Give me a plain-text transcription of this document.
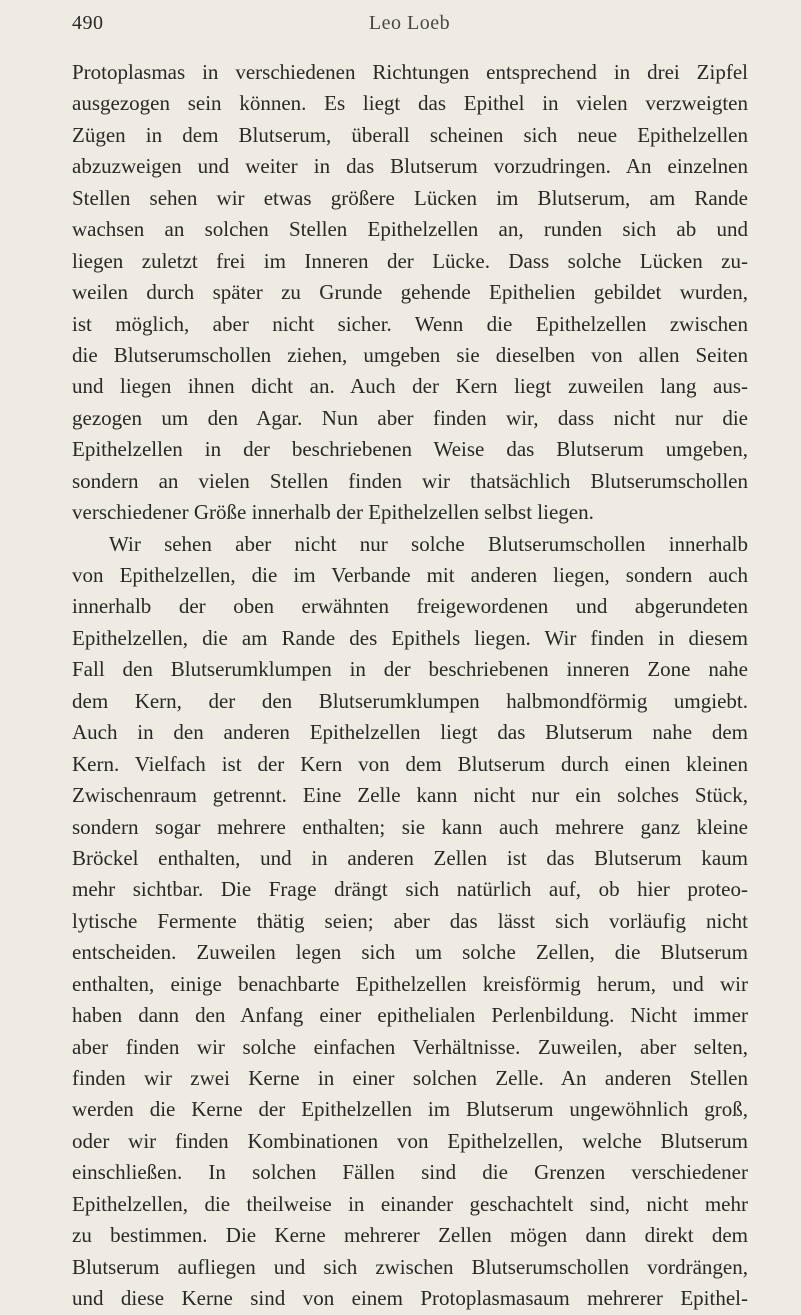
490	Leo Loeb
Protoplasmas in verschiedenen Richtungen entsprechend in drei Zipfel
ausgezogen sein können. Es liegt das Epithel in vielen verzweigten
Zügen in dem Blutserum, überall scheinen sich neue Epithelzellen
abzuzweigen und weiter in das Blutserum vorzudringen. An einzelnen
Stellen sehen wir etwas größere Lücken im Blutserum, am Rande
wachsen an solchen Stellen Epithelzellen an, runden sich ab und
liegen zuletzt frei im Inneren der Lücke. Dass solche Lücken zu-
weilen durch später zu Grunde gehende Epithelien gebildet wurden,
ist möglich, aber nicht sicher. Wenn die Epithelzellen zwischen
die Blutserumschollen ziehen, umgeben sie dieselben von allen Seiten
und liegen ihnen dicht an. Auch der Kern liegt zuweilen lang aus-
gezogen um den Agar. Nun aber finden wir, dass nicht nur die
Epithelzellen in der beschriebenen Weise das Blutserum umgeben,
sondern an vielen Stellen finden wir thatsächlich Blutserumschollen
verschiedener Größe innerhalb der Epithelzellen selbst liegen.
Wir sehen aber nicht nur solche Blutserumschollen innerhalb
von Epithelzellen, die im Verbande mit anderen liegen, sondern auch
innerhalb der oben erwähnten freigewordenen und abgerundeten
Epithelzellen, die am Rande des Epithels liegen. Wir finden in diesem
Fall den Blutserumklumpen in der beschriebenen inneren Zone nahe
dem Kern, der den Blutserumklumpen halbmondförmig umgiebt.
Auch in den anderen Epithelzellen liegt das Blutserum nahe dem
Kern. Vielfach ist der Kern von dem Blutserum durch einen kleinen
Zwischenraum getrennt. Eine Zelle kann nicht nur ein solches Stück,
sondern sogar mehrere enthalten; sie kann auch mehrere ganz kleine
Bröckel enthalten, und in anderen Zellen ist das Blutserum kaum
mehr sichtbar. Die Frage drängt sich natürlich auf, ob hier proteo-
lytische Fermente thätig seien; aber das lässt sich vorläufig nicht
entscheiden. Zuweilen legen sich um solche Zellen, die Blutserum
enthalten, einige benachbarte Epithelzellen kreisförmig herum, und wir
haben dann den Anfang einer epithelialen Perlenbildung. Nicht immer
aber finden wir solche einfachen Verhältnisse. Zuweilen, aber selten,
finden wir zwei Kerne in einer solchen Zelle. An anderen Stellen
werden die Kerne der Epithelzellen im Blutserum ungewöhnlich groß,
oder wir finden Kombinationen von Epithelzellen, welche Blutserum
einschließen. In solchen Fällen sind die Grenzen verschiedener
Epithelzellen, die theilweise in einander geschachtelt sind, nicht mehr
zu bestimmen. Die Kerne mehrerer Zellen mögen dann direkt dem
Blutserum aufliegen und sich zwischen Blutserumschollen vordrängen,
und diese Kerne sind von einem Protoplasmasaum mehrerer Epithel-
